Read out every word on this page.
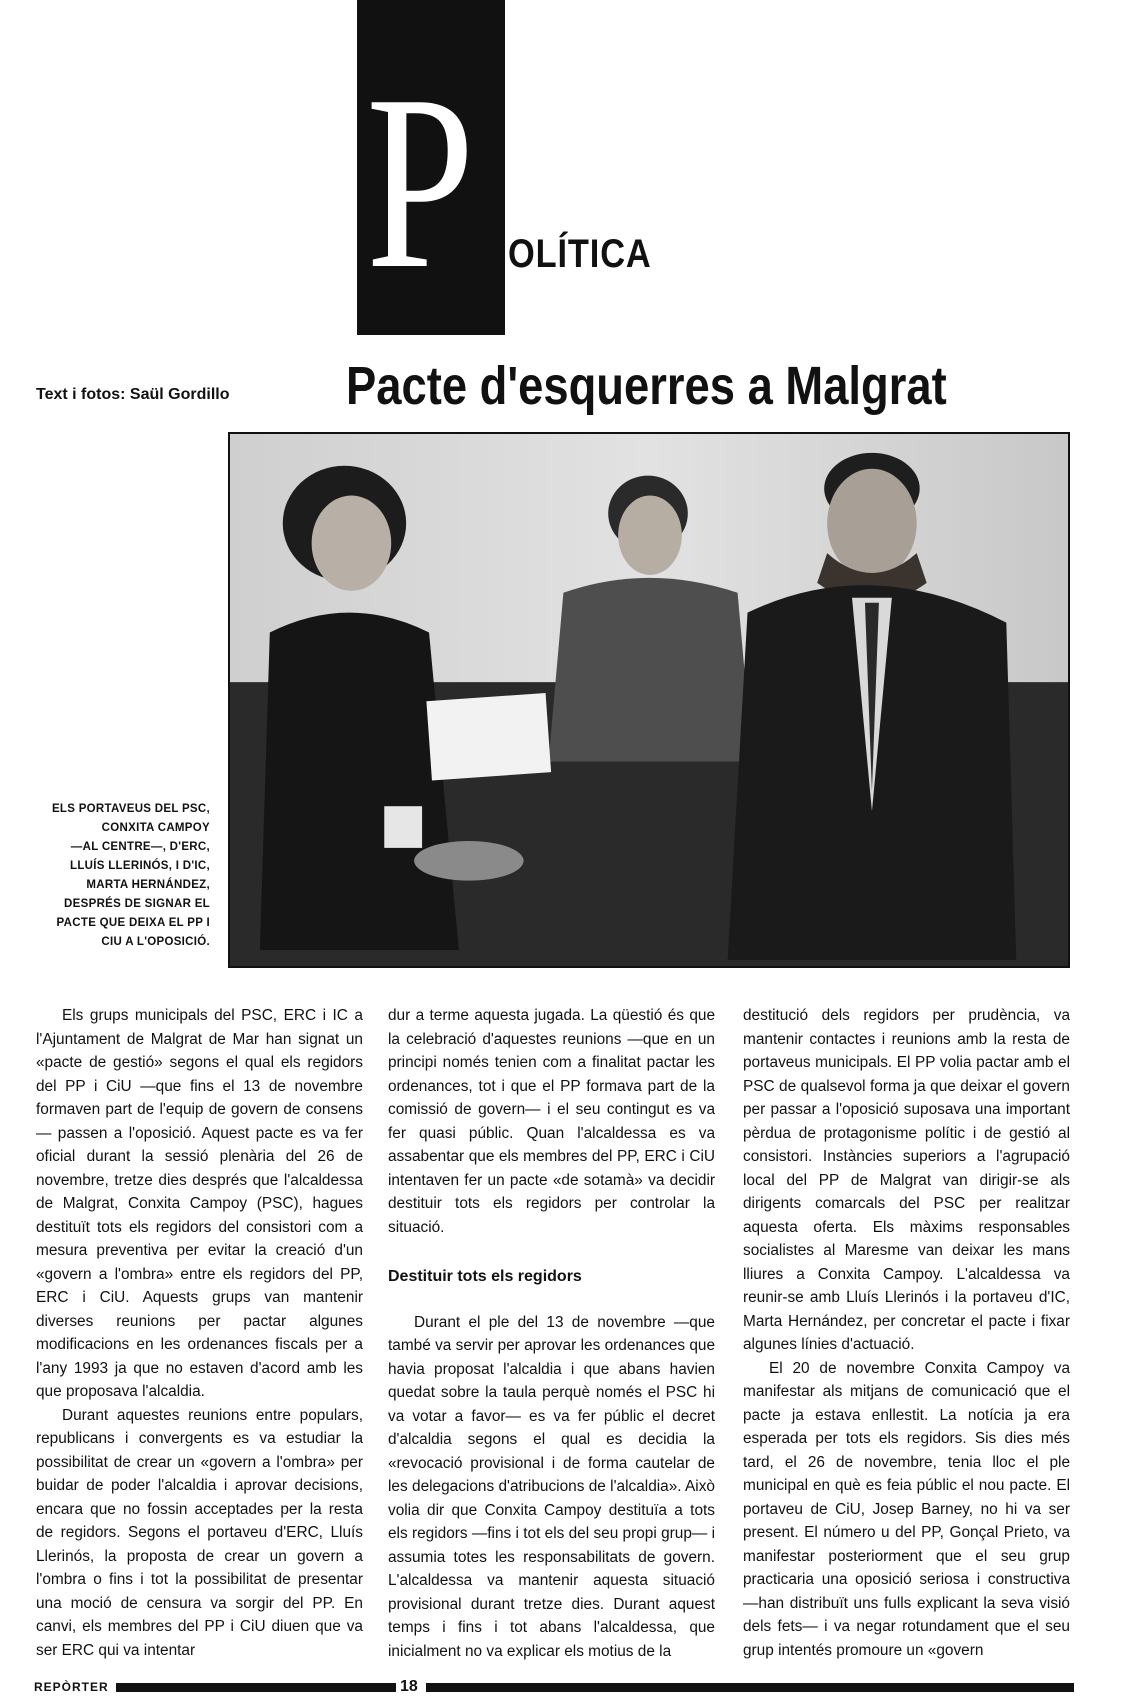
P OLÍTICA
Text i fotos: Saül Gordillo Pacte d'esquerres a Malgrat
ELS PORTAVEUS DEL PSC,
CONXITA CAMPOY
—AL CENTRE—, D'ERC,
LLUÍS LLERINÓS, I D'IC,
MARTA HERNÁNDEZ,
DESPRÉS DE SIGNAR EL
PACTE QUE DEIXA EL PP I
CIU A L'OPOSICIÓ.

Els grups municipals del PSC, ERC i IC a l'Ajuntament de Malgrat de Mar han signat un «pacte de gestió» segons el qual els regidors del PP i CiU —que fins el 13 de novembre formaven part de l'equip de govern de consens— passen a l'oposició. Aquest pacte es va fer oficial durant la sessió plenària del 26 de novembre, tretze dies després que l'alcaldessa de Malgrat, Conxita Campoy (PSC), hagues destituït tots els regidors del consistori com a mesura preventiva per evitar la creació d'un «govern a l'ombra» entre els regidors del PP, ERC i CiU. Aquests grups van mantenir diverses reunions per pactar algunes modificacions en les ordenances fiscals per a l'any 1993 ja que no estaven d'acord amb les que proposava l'alcaldia.

Durant aquestes reunions entre populars, republicans i convergents es va estudiar la possibilitat de crear un «govern a l'ombra» per buidar de poder l'alcaldia i aprovar decisions, encara que no fossin acceptades per la resta de regidors. Segons el portaveu d'ERC, Lluís Llerinós, la proposta de crear un govern a l'ombra o fins i tot la possibilitat de presentar una moció de censura va sorgir del PP. En canvi, els membres del PP i CiU diuen que va ser ERC qui va intentar

dur a terme aquesta jugada. La qüestió és que la celebració d'aquestes reunions —que en un principi només tenien com a finalitat pactar les ordenances, tot i que el PP formava part de la comissió de govern— i el seu contingut es va fer quasi públic. Quan l'alcaldessa es va assabentar que els membres del PP, ERC i CiU intentaven fer un pacte «de sotamà» va decidir destituir tots els regidors per controlar la situació.

Destituir tots els regidors

Durant el ple del 13 de novembre —que també va servir per aprovar les ordenances que havia proposat l'alcaldia i que abans havien quedat sobre la taula perquè només el PSC hi va votar a favor— es va fer públic el decret d'alcaldia segons el qual es decidia la «revocació provisional i de forma cautelar de les delegacions d'atribucions de l'alcaldia». Això volia dir que Conxita Campoy destituïa a tots els regidors —fins i tot els del seu propi grup— i assumia totes les responsabilitats de govern. L'alcaldessa va mantenir aquesta situació provisional durant tretze dies. Durant aquest temps i fins i tot abans l'alcaldessa, que inicialment no va explicar els motius de la

destitució dels regidors per prudència, va mantenir contactes i reunions amb la resta de portaveus municipals. El PP volia pactar amb el PSC de qualsevol forma ja que deixar el govern per passar a l'oposició suposava una important pèrdua de protagonisme polític i de gestió al consistori. Instàncies superiors a l'agrupació local del PP de Malgrat van dirigir-se als dirigents comarcals del PSC per realitzar aquesta oferta. Els màxims responsables socialistes al Maresme van deixar les mans lliures a Conxita Campoy. L'alcaldessa va reunir-se amb Lluís Llerinós i la portaveu d'IC, Marta Hernández, per concretar el pacte i fixar algunes línies d'actuació.

El 20 de novembre Conxita Campoy va manifestar als mitjans de comunicació que el pacte ja estava enllestit. La notícia ja era esperada per tots els regidors. Sis dies més tard, el 26 de novembre, tenia lloc el ple municipal en què es feia públic el nou pacte. El portaveu de CiU, Josep Barney, no hi va ser present. El número u del PP, Gonçal Prieto, va manifestar posteriorment que el seu grup practicaria una oposició seriosa i constructiva —han distribuït uns fulls explicant la seva visió dels fets— i va negar rotundament que el seu grup intentés promoure un «govern

REPÒRTER	18
